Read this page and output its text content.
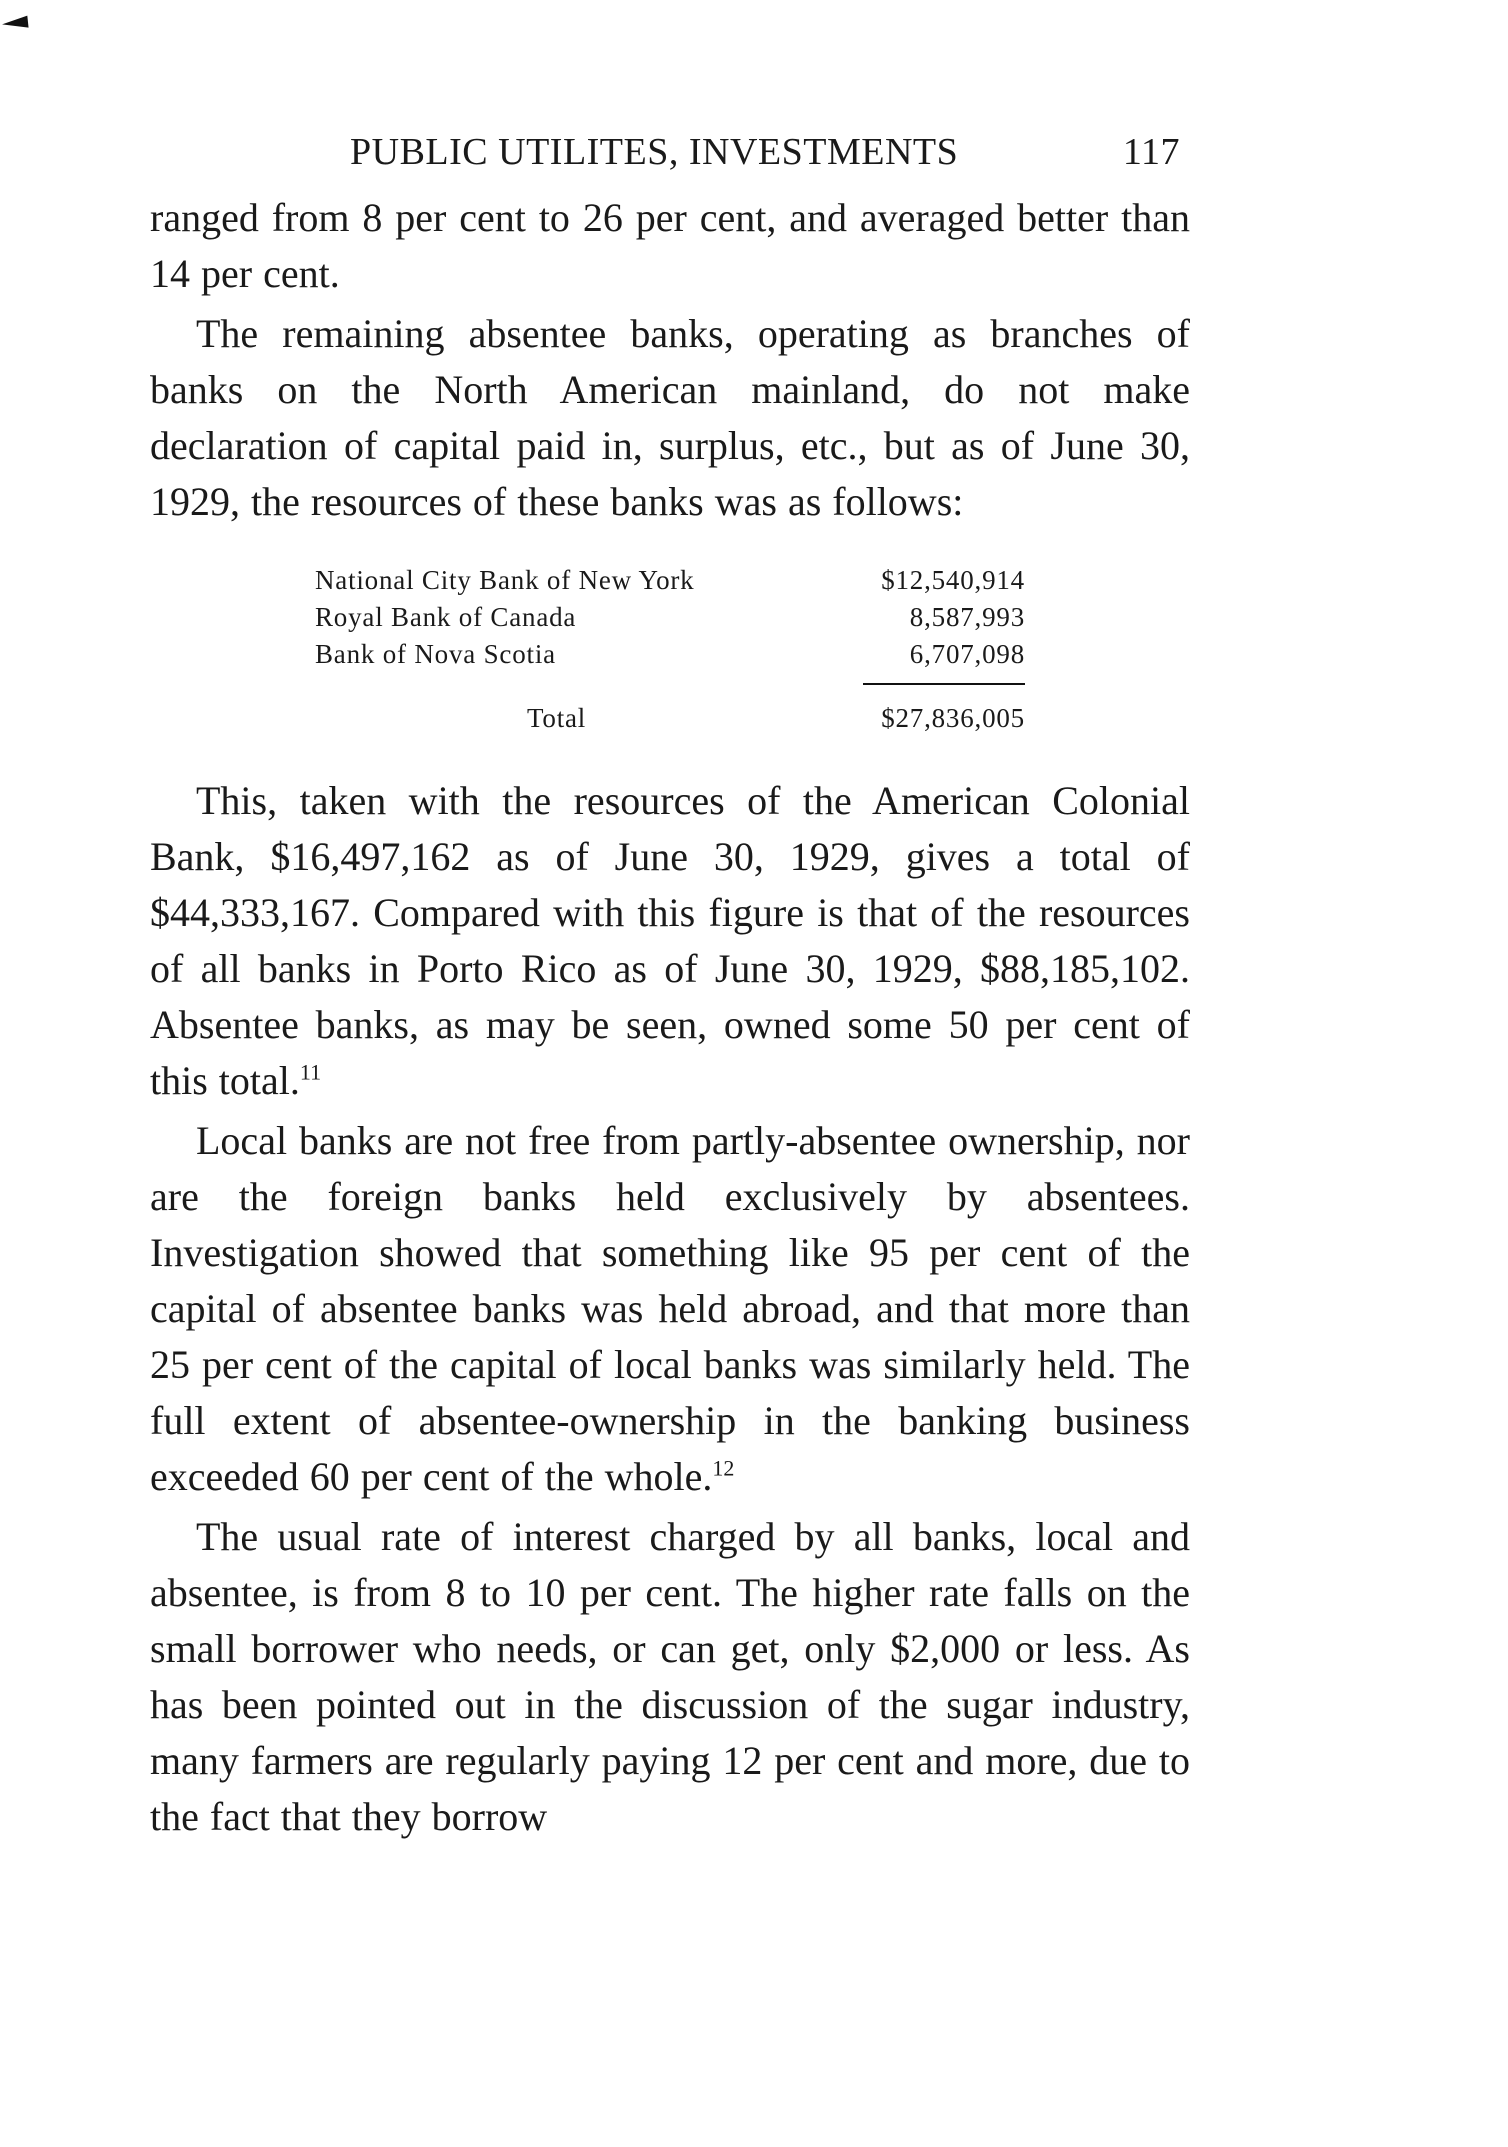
PUBLIC UTILITES, INVESTMENTS	117

ranged from 8 per cent to 26 per cent, and averaged better than 14 per cent.

The remaining absentee banks, operating as branches of banks on the North American mainland, do not make declaration of capital paid in, surplus, etc., but as of June 30, 1929, the resources of these banks was as follows:

National City Bank of New York	$12,540,914
Royal Bank of Canada	8,587,993
Bank of Nova Scotia	6,707,098
Total	$27,836,005

This, taken with the resources of the American Colonial Bank, $16,497,162 as of June 30, 1929, gives a total of $44,333,167. Compared with this figure is that of the resources of all banks in Porto Rico as of June 30, 1929, $88,185,102. Absentee banks, as may be seen, owned some 50 per cent of this total.$^{11}$

Local banks are not free from partly-absentee ownership, nor are the foreign banks held exclusively by absentees. Investigation showed that something like 95 per cent of the capital of absentee banks was held abroad, and that more than 25 per cent of the capital of local banks was similarly held. The full extent of absentee-ownership in the banking business exceeded 60 per cent of the whole.$^{12}$

The usual rate of interest charged by all banks, local and absentee, is from 8 to 10 per cent. The higher rate falls on the small borrower who needs, or can get, only $2,000 or less. As has been pointed out in the discussion of the sugar industry, many farmers are regularly paying 12 per cent and more, due to the fact that they borrow
